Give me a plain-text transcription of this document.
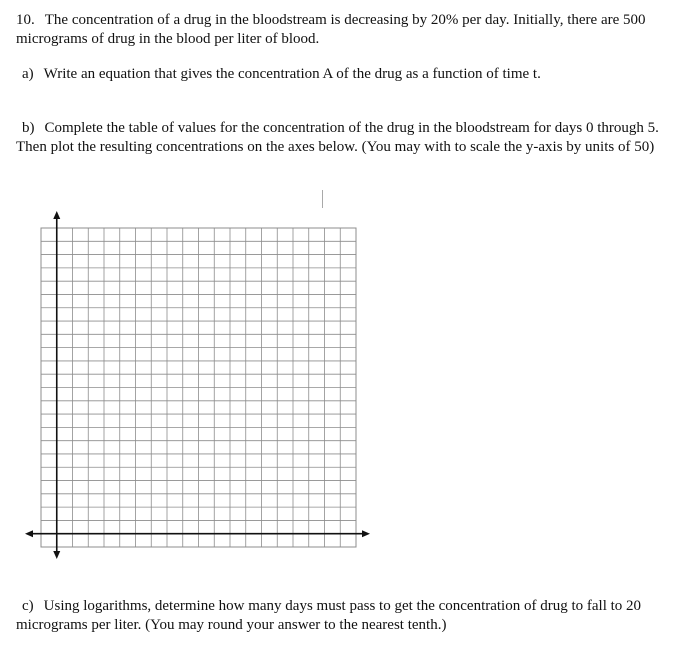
10. The concentration of a drug in the bloodstream is decreasing by 20% per day. Initially, there are 500 micrograms of drug in the blood per liter of blood.
a) Write an equation that gives the concentration A of the drug as a function of time t.
b) Complete the table of values for the concentration of the drug in the bloodstream for days 0 through 5. Then plot the resulting concentrations on the axes below. (You may with to scale the y-axis by units of 50)
c) Using logarithms, determine how many days must pass to get the concentration of drug to fall to 20 micrograms per liter. (You may round your answer to the nearest tenth.)
